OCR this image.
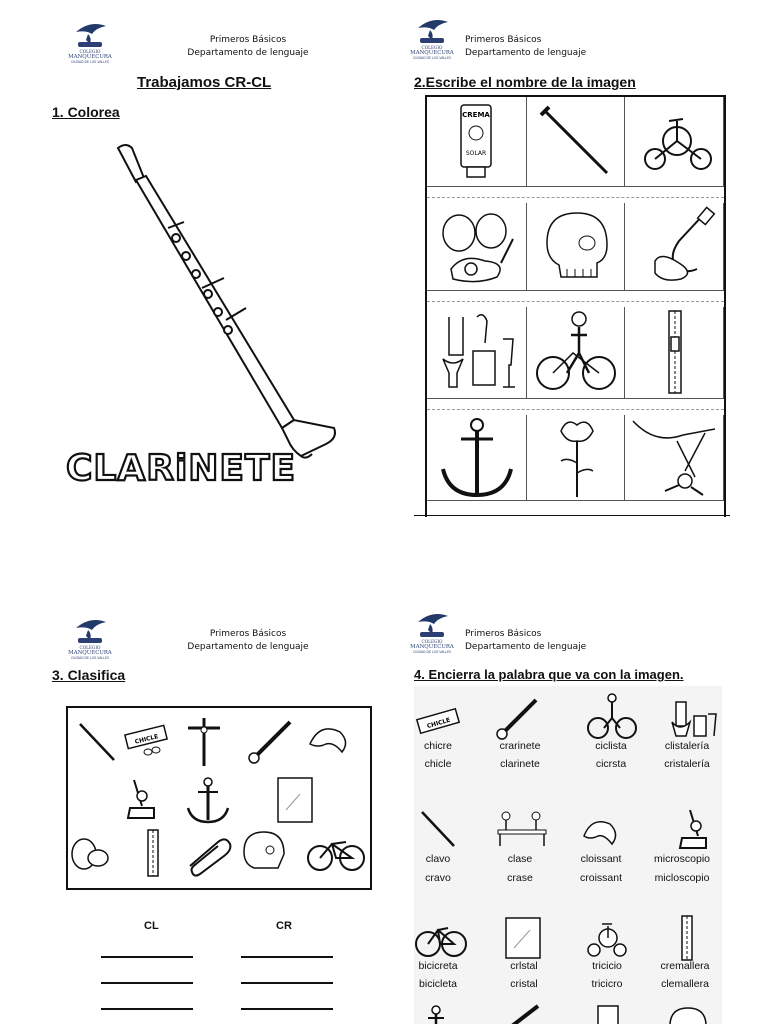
COLEGIO
MANQUECURA
CIUDAD DE LOS VALLES
Primeros Básicos
Departamento de lenguaje
Trabajamos CR-CL
1. Colorea
CLARiNETE
COLEGIO
MANQUECURA
CIUDAD DE LOS VALLES
Primeros Básicos
Departamento de lenguaje
2.Escribe el nombre de la imagen
CREMA
SOLAR
COLEGIO
MANQUECURA
CIUDAD DE LOS VALLES
Primeros Básicos
Departamento de lenguaje
3. Clasifica
CHICLE
CL	CR
COLEGIO
MANQUECURA
CIUDAD DE LOS VALLES
Primeros Básicos
Departamento de lenguaje
4. Encierra la palabra que va con la imagen.
CHICLE
chicre
chicle
crarinete
clarinete
ciclista
cicrsta
clistalería
cristalería
clavo
cravo
clase
crase
cloissant
croissant
microscopio
micloscopio
bicicreta
bicicleta
crlstal
cristal
tricicio
tricicro
cremallera
clemallera
